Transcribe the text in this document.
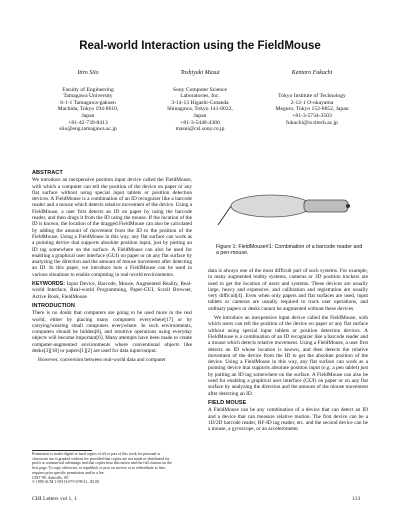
Real-world Interaction using the FieldMouse
Itiro Siio
Faculty of Engineering
Tamagawa University
6-1-1 Tamagawa-gakuen
Machida, Tokyo 194-8610,
Japan
+81-42-739-8413
siio@eng.tamagawa.ac.jp
Toshiyuki Masui
Sony Computer Science
Laboratories, Inc.
3-14-13 Higashi-Gotanda
Shinagawa, Tokyo 141-0022,
Japan
+81-3-5448-4380
masui@csl.sony.co.jp
Kentaro Fukuchi
Tokyo Institute of Technology
2-12-1 O-okayama
Meguro, Tokyo 152-8852, Japan
+81-3-5734-3503
fukuchi@is.titech.ac.jp
ABSTRACT

We introduce an inexpensive position input device called the FieldMouse, with which a computer can tell the position of the device on paper or any flat surface without using special input tablets or position detection devices. A FieldMouse is a combination of an ID recognizer like a barcode reader and a mouse which detects relative movement of the device. Using a FieldMouse, a user first detects an ID on paper by using the barcode reader, and then drags it from the ID using the mouse. If the location of the ID is known, the location of the dragged FieldMouse can also be calculated by adding the amount of movement from the ID to the position of the FieldMouse. Using a FieldMouse in this way, any flat surface can work as a pointing device that supports absolute position input, just by putting an ID tag somewhere on the surface. A FieldMouse can also be used for enabling a graphical user interface (GUI) on paper or on any flat surface by analyzing the direction and the amount of mouse movement after detecting an ID. In this paper, we introduce how a FieldMouse can be used in various situations to enable computing in real-world environments.

KEYWORDS: Input Device, Barcode, Mouse, Augmented Reality, Real-world Interface, Real-world Programming, Paper-GUI, Scroll Browser, Active Book, FieldMouse

INTRODUCTION

There is no doubt that computers are going to be used more in the real world, either by placing many computers everywhere[17] or by carrying/wearing small computers everywhere. In such environments, computers should be hidden[8], and intuitive operations using everyday objects will become important[6]. Many attempts have been made to create computer-augmented environments where conventional objects like desks[3][18] or papers[1][2] are used for data input/output.

However, conversion between real-world data and computer

Figure 1: FieldMouse#1: Combination of a barcode reader and a pen-mouse.

data is always one of the most difficult part of such systems. For example, in many augmented reality systems, cameras or 3D position trackers are used to get the location of users and systems. These devices are usually large, heavy and expensive, and calibration and registration are usually very difficult[4]. Even when only papers and flat surfaces are used, input tablets or cameras are usually required to track user operations, and ordinary papers or desks cannot be augmented without these devices.

We introduce an inexpensive input device called the FieldMouse, with which users can tell the position of the device on paper or any flat surface without using special input tablets or position detection devices. A FieldMouse is a combination of an ID recognizer like a barcode reader and a mouse which detects relative movement. Using a FieldMouse, a user first detects an ID whose location is known, and then detects the relative movement of the device from the ID to get the absolute position of the device. Using a FieldMouse in this way, any flat surface can work as a pointing device that supports absolute position input (e.g. a pen tablet) just by putting an ID tag somewhere on the surface. A FieldMouse can also be used for enabling a graphical user interface (GUI) on paper or on any flat surface by analyzing the direction and the amount of the mouse movement after detecting an ID.

FIELD MOUSE

A FieldMouse can be any combination of a device that can detect an ID and a device that can measure relative motion. The first device can be a 1D/2D barcode reader, RF-ID tag reader, etc. and the second device can be a mouse, a gyroscope, or an accelerometer.

Permission to make digital or hard copies of all or part of this work for personal or classroom use is granted without fee provided that copies are not made or distributed for profit or commercial advantage and that copies bear this notice and the full citation on the first page. To copy otherwise, to republish, to post on servers or to redistribute to lists, requires prior specific permission and/or a fee.
UIST '99. Asheville, NC
© 1999 ACM 1-58113-075-9/99/11...$5.00
CHI Letters vol 1, 1	113
